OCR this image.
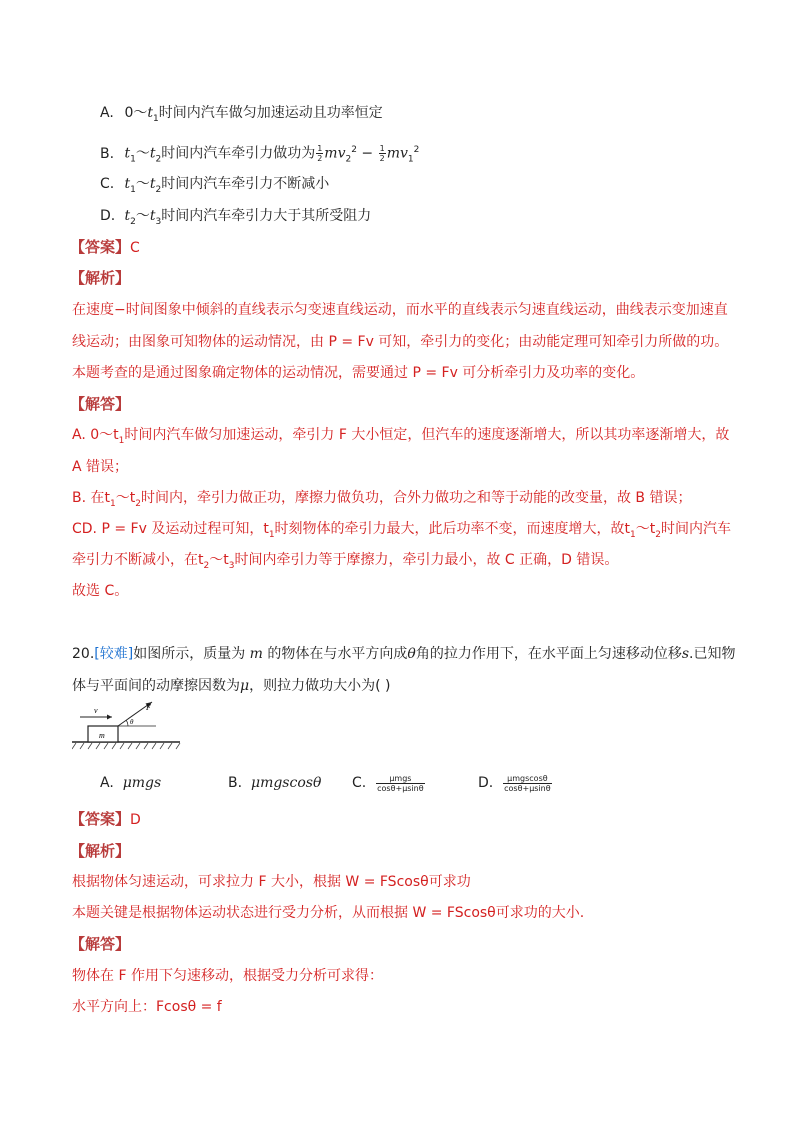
A. $0\sim t_1$时间内汽车做匀加速运动且功率恒定
B. $t_1\sim t_2$时间内汽车牵引力做功为 $\frac{1}{2} mv_2^2 - \frac{1}{2} mv_1^2$
C. $t_1\sim t_2$时间内汽车牵引力不断减小
D. $t_2\sim t_3$时间内汽车牵引力大于其所受阻力
【答案】C
【解析】
在速度−时间图象中倾斜的直线表示匀变速直线运动，而水平的直线表示匀速直线运动，曲线表示变加速直
线运动；由图象可知物体的运动情况，由 P = Fv 可知，牵引力的变化；由动能定理可知牵引力所做的功。
本题考查的是通过图象确定物体的运动情况，需要通过 P = Fv 可分析牵引力及功率的变化。
【解答】
A. $0\sim t_1$时间内汽车做匀加速运动，牵引力 F 大小恒定，但汽车的速度逐渐增大，所以其功率逐渐增大，故
A 错误；
B. 在$t_1\sim t_2$时间内，牵引力做正功，摩擦力做负功，合外力做功之和等于动能的改变量，故 B 错误；
CD. P = Fv 及运动过程可知，$t_1$时刻物体的牵引力最大，此后功率不变，而速度增大，故$t_1\sim t_2$时间内汽车
牵引力不断减小，在$t_2\sim t_3$时间内牵引力等于摩擦力，牵引力最小，故 C 正确，D 错误。
故选 C。
20.[较难]如图所示，质量为 m 的物体在与水平方向成θ角的拉力作用下，在水平面上匀速移动位移s.已知物
体与平面间的动摩擦因数为μ，则拉力做功大小为( )
m
v	F
θ
A. μmgs	B. μmgscosθ C. $\frac{\text{μmgs}}{\cos\theta+\mu\sin\theta}$	D. $\frac{\text{μmgscosθ}}{\cos\theta+\mu\sin\theta}$
【答案】D
【解析】
根据物体匀速运动，可求拉力 F 大小，根据 W = FScosθ可求功
本题关键是根据物体运动状态进行受力分析，从而根据 W = FScosθ可求功的大小.
【解答】
物体在 F 作用下匀速移动，根据受力分析可求得：
水平方向上：Fcosθ = f
